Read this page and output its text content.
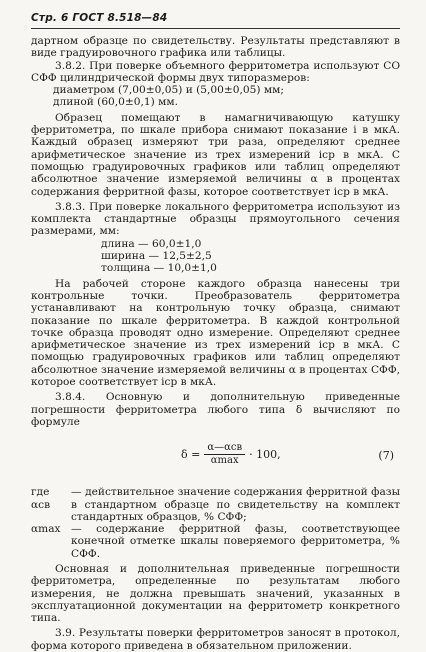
Стр. 6 ГОСТ 8.518—84

дартном образце по свидетельству. Результаты представляют в виде градуировочного графика или таблицы.

3.8.2. При поверке объемного ферритометра используют СО СФФ цилиндрической формы двух типоразмеров:

диаметром (7,00±0,05) и (5,00±0,05) мм;
длиной (60,0±0,1) мм.

Образец помещают в намагничивающую катушку ферритометра, по шкале прибора снимают показание i в мкА. Каждый образец измеряют три раза, определяют среднее арифметическое значение из трех измерений iср в мкА. С помощью градуировочных графиков или таблиц определяют абсолютное значение измеряемой величины α в процентах содержания ферритной фазы, которое соответствует iср в мкА.

3.8.3. При поверке локального ферритометра используют из комплекта стандартные образцы прямоугольного сечения размерами, мм:

длина — 60,0±1,0
ширина — 12,5±2,5
толщина — 10,0±1,0

На рабочей стороне каждого образца нанесены три контрольные точки. Преобразователь ферритометра устанавливают на контрольную точку образца, снимают показание по шкале ферритометра. В каждой контрольной точке образца проводят одно измерение. Определяют среднее арифметическое значение из трех измерений iср в мкА. С помощью градуировочных графиков или таблиц определяют абсолютное значение измеряемой величины α в процентах СФФ, которое соответствует iср в мкА.

3.8.4. Основную и дополнительную приведенные погрешности ферритометра любого типа δ вычисляют по формуле

$\delta = \frac{\text{α—αсв}}{\alpha\max} \cdot 100$,	(7)
где αсв
— действительное значение содержания ферритной фазы в стандартном образце по свидетельству на комплект стандартных образцов, % СФФ;
αmax — содержание ферритной фазы, соответствующее конечной отметке шкалы поверяемого ферритометра, % СФФ.

Основная и дополнительная приведенные погрешности ферритометра, определенные по результатам любого измерения, не должна превышать значений, указанных в эксплуатационной документации на ферритометр конкретного типа.

3.9. Результаты поверки ферритометров заносят в протокол, форма которого приведена в обязательном приложении.
